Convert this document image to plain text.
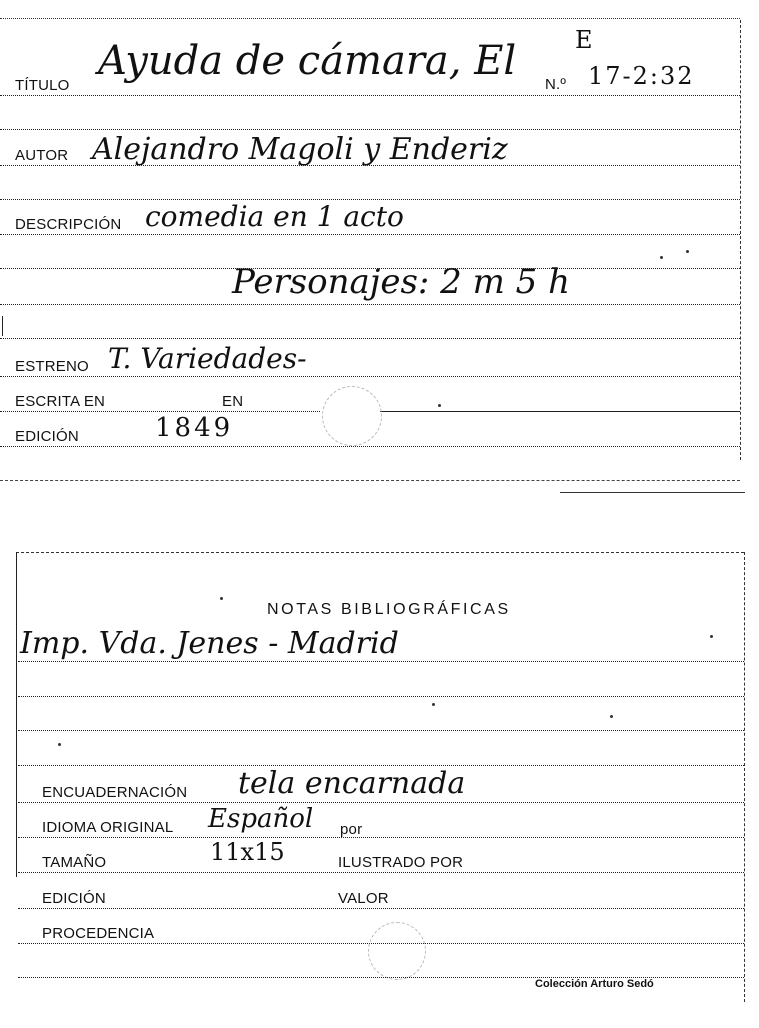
E
TÍTULO
Ayuda de cámara, El
N.º 17-2:32
AUTOR Alejandro Magoli y Enderiz
DESCRIPCIÓN comedia en 1 acto
Personajes: 2 m 5 h
ESTRENO T. Variedades-
ESCRITA EN	EN
EDICIÓN	1849
NOTAS BIBLIOGRÁFICAS
Imp. Vda. Jenes - Madrid
ENCUADERNACIÓN tela encarnada
IDIOMA ORIGINAL Español por
TAMAÑO	11x15	ILUSTRADO POR
EDICIÓN	VALOR
PROCEDENCIA
Colección Arturo Sedó
